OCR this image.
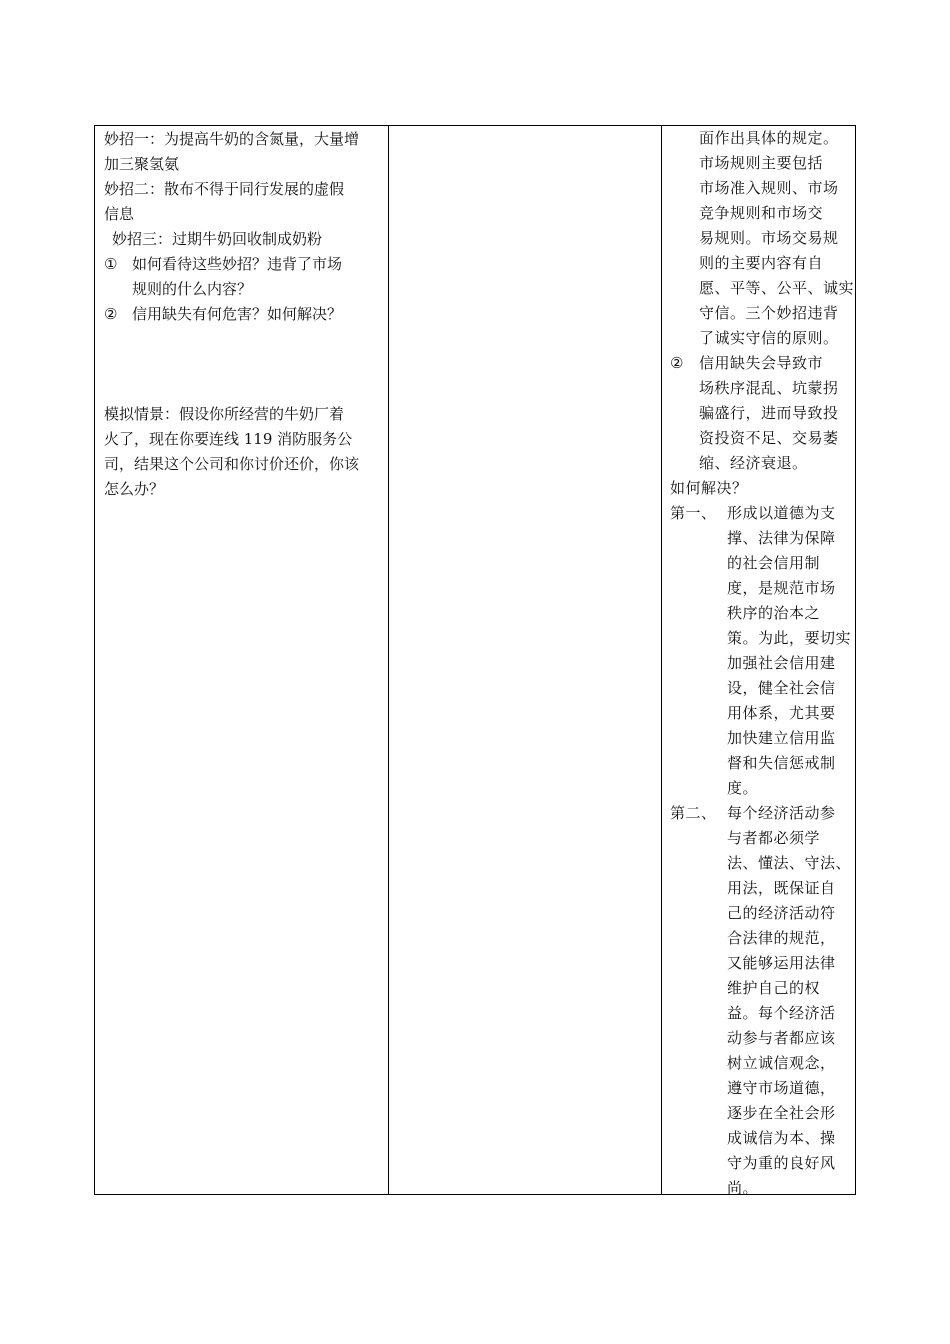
妙招一：为提高牛奶的含氮量，大量增
加三聚氢氨
妙招二：散布不得于同行发展的虚假
信息
妙招三：过期牛奶回收制成奶粉
① 如何看待这些妙招？违背了市场
规则的什么内容？
② 信用缺失有何危害？如何解决？
模拟情景：假设你所经营的牛奶厂着
火了，现在你要连线 119 消防服务公
司，结果这个公司和你讨价还价，你该
怎么办？
面作出具体的规定。
市场规则主要包括
市场准入规则、市场
竞争规则和市场交
易规则。市场交易规
则的主要内容有自
愿、平等、公平、诚实
守信。三个妙招违背
了诚实守信的原则。
② 信用缺失会导致市
场秩序混乱、坑蒙拐
骗盛行，进而导致投
资投资不足、交易萎
缩、经济衰退。
如何解决？
第一、 形成以道德为支
撑、法律为保障
的社会信用制
度，是规范市场
秩序的治本之
策。为此，要切实
加强社会信用建
设，健全社会信
用体系，尤其要
加快建立信用监
督和失信惩戒制
度。
第二、 每个经济活动参
与者都必须学
法、懂法、守法、
用法，既保证自
己的经济活动符
合法律的规范，
又能够运用法律
维护自己的权
益。每个经济活
动参与者都应该
树立诚信观念，
遵守市场道德，
逐步在全社会形
成诚信为本、操
守为重的良好风
尚。
